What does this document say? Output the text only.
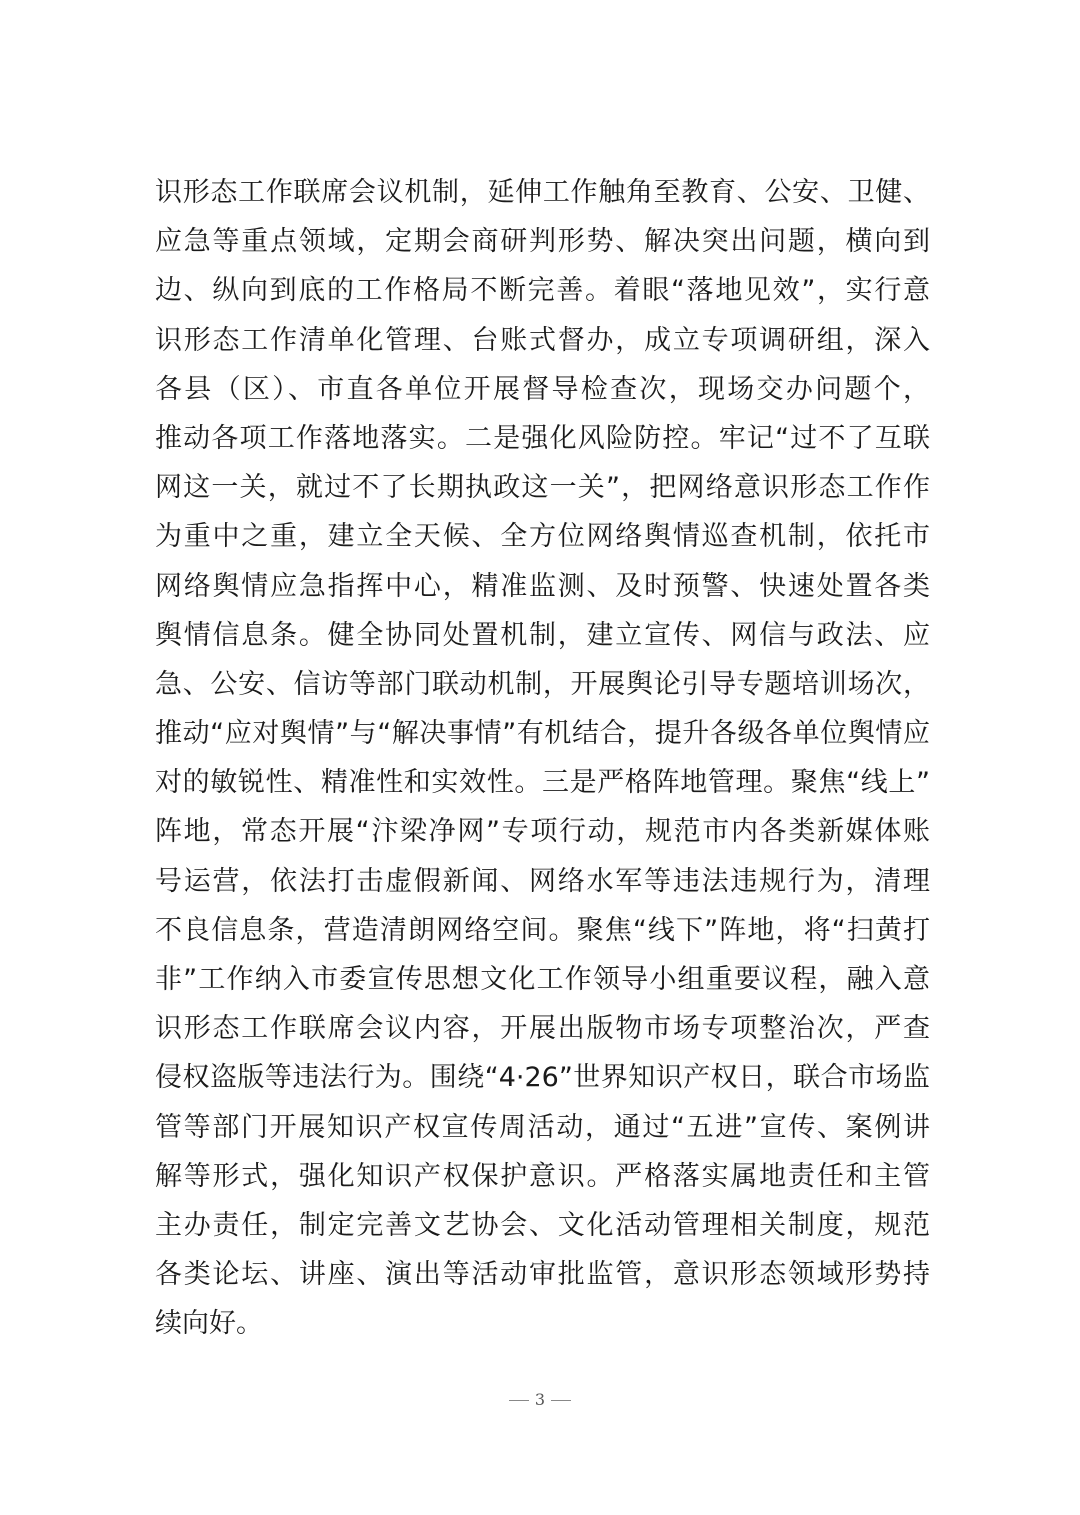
识形态工作联席会议机制，延伸工作触角至教育、公安、卫健、
应急等重点领域，定期会商研判形势、解决突出问题，横向到
边、纵向到底的工作格局不断完善。着眼“落地见效”，实行意
识形态工作清单化管理、台账式督办，成立专项调研组，深入
各县（区）、市直各单位开展督导检查次，现场交办问题个，
推动各项工作落地落实。二是强化风险防控。牢记“过不了互联
网这一关，就过不了长期执政这一关”，把网络意识形态工作作
为重中之重，建立全天候、全方位网络舆情巡查机制，依托市
网络舆情应急指挥中心，精准监测、及时预警、快速处置各类
舆情信息条。健全协同处置机制，建立宣传、网信与政法、应
急、公安、信访等部门联动机制，开展舆论引导专题培训场次，
推动“应对舆情”与“解决事情”有机结合，提升各级各单位舆情应
对的敏锐性、精准性和实效性。三是严格阵地管理。聚焦“线上”
阵地，常态开展“汴梁净网”专项行动，规范市内各类新媒体账
号运营，依法打击虚假新闻、网络水军等违法违规行为，清理
不良信息条，营造清朗网络空间。聚焦“线下”阵地，将“扫黄打
非”工作纳入市委宣传思想文化工作领导小组重要议程，融入意
识形态工作联席会议内容，开展出版物市场专项整治次，严查
侵权盗版等违法行为。围绕“4·26”世界知识产权日，联合市场监
管等部门开展知识产权宣传周活动，通过“五进”宣传、案例讲
解等形式，强化知识产权保护意识。严格落实属地责任和主管
主办责任，制定完善文艺协会、文化活动管理相关制度，规范
各类论坛、讲座、演出等活动审批监管，意识形态领域形势持
续向好。
3
